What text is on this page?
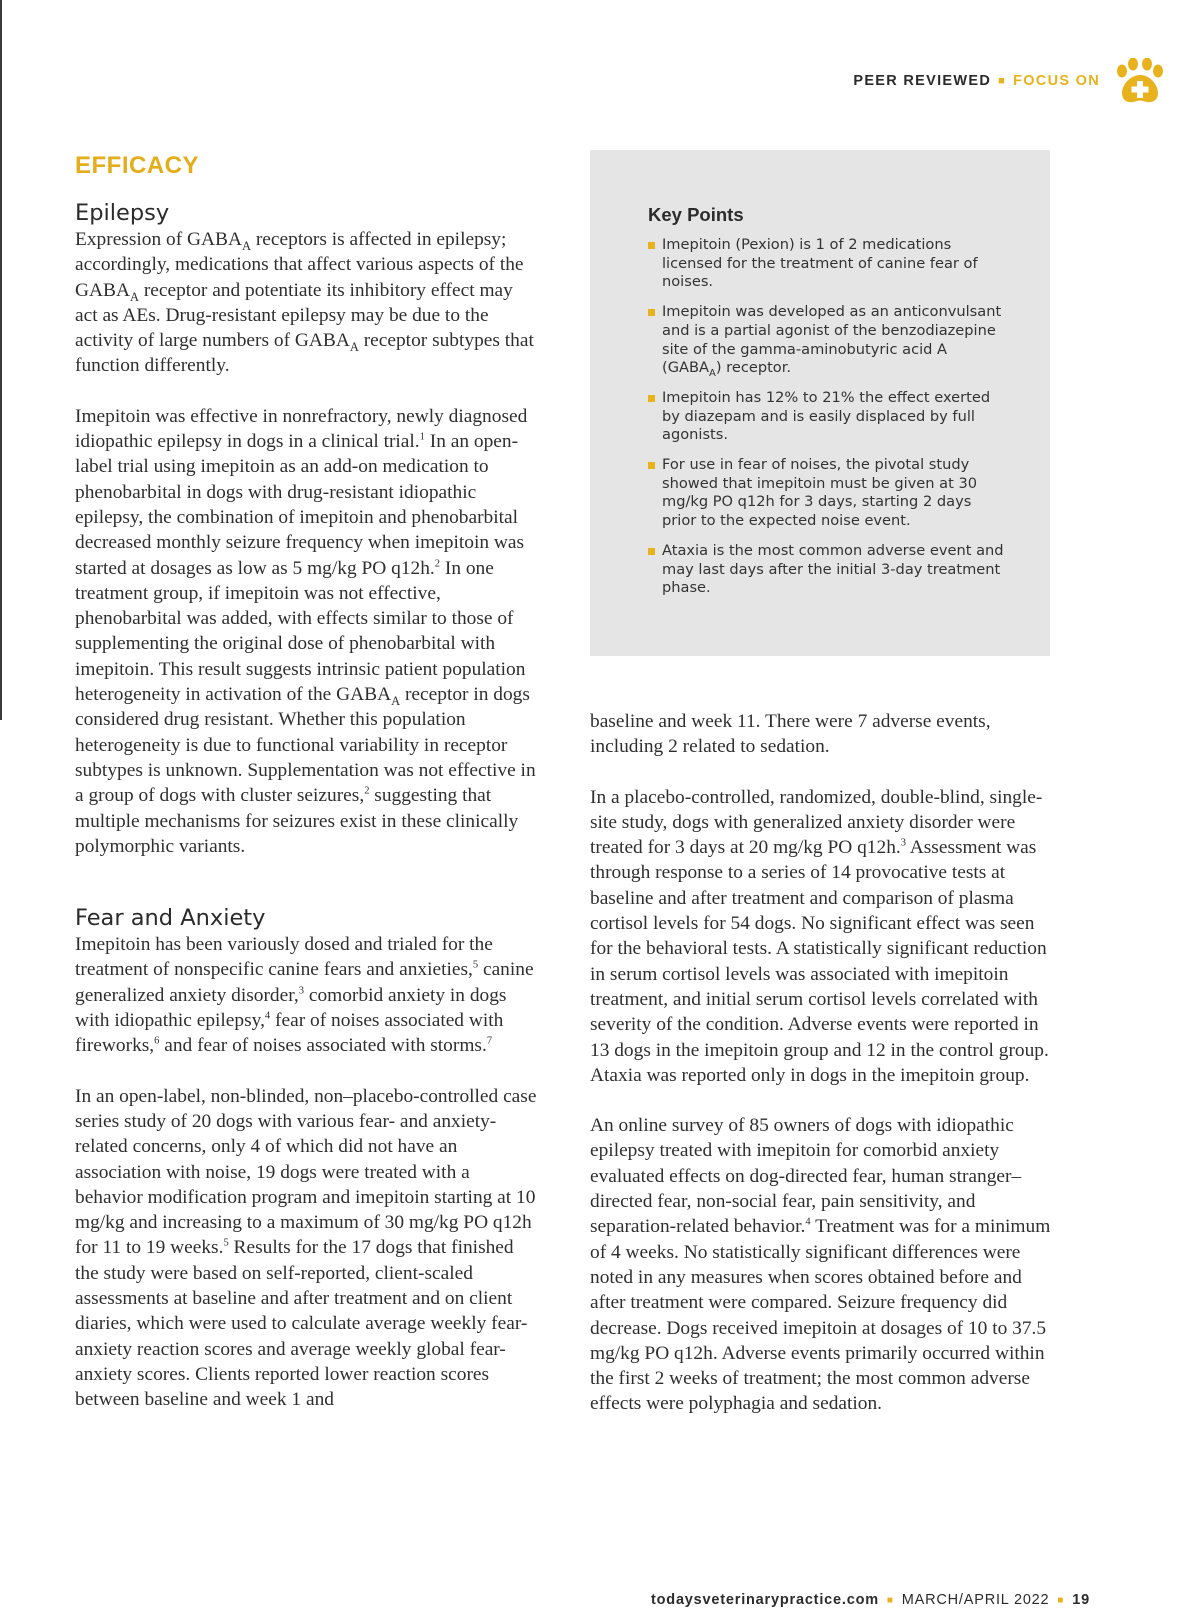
PEER REVIEWED ■ FOCUS ON
EFFICACY
Epilepsy

Expression of $GABA_A$ receptors is affected in epilepsy; accordingly, medications that affect various aspects of the $GABA_A$ receptor and potentiate its inhibitory effect may act as AEs. Drug-resistant epilepsy may be due to the activity of large numbers of $GABA_A$ receptor subtypes that function differently.

Imepitoin was effective in nonrefractory, newly diagnosed idiopathic epilepsy in dogs in a clinical trial.$^1$ In an open-label trial using imepitoin as an add-on medication to phenobarbital in dogs with drug-resistant idiopathic epilepsy, the combination of imepitoin and phenobarbital decreased monthly seizure frequency when imepitoin was started at dosages as low as 5 mg/kg PO q12h.$^2$ In one treatment group, if imepitoin was not effective, phenobarbital was added, with effects similar to those of supplementing the original dose of phenobarbital with imepitoin. This result suggests intrinsic patient population heterogeneity in activation of the $GABA_A$ receptor in dogs considered drug resistant. Whether this population heterogeneity is due to functional variability in receptor subtypes is unknown. Supplementation was not effective in a group of dogs with cluster seizures,$^2$ suggesting that multiple mechanisms for seizures exist in these clinically polymorphic variants.

Fear and Anxiety

Imepitoin has been variously dosed and trialed for the treatment of nonspecific canine fears and anxieties,$^5$ canine generalized anxiety disorder,$^3$ comorbid anxiety in dogs with idiopathic epilepsy,$^4$ fear of noises associated with fireworks,$^6$ and fear of noises associated with storms.$^7$

In an open-label, non-blinded, non–placebo-controlled case series study of 20 dogs with various fear- and anxiety-related concerns, only 4 of which did not have an association with noise, 19 dogs were treated with a behavior modification program and imepitoin starting at 10 mg/kg and increasing to a maximum of 30 mg/kg PO q12h for 11 to 19 weeks.$^5$ Results for the 17 dogs that finished the study were based on self-reported, client-scaled assessments at baseline and after treatment and on client diaries, which were used to calculate average weekly fear-anxiety reaction scores and average weekly global fear-anxiety scores. Clients reported lower reaction scores between baseline and week 1 and

Key Points
Imepitoin (Pexion) is 1 of 2 medications licensed for the treatment of canine fear of noises.
Imepitoin was developed as an anticonvulsant and is a partial agonist of the benzodiazepine site of the gamma-aminobutyric acid A $(GABA_A)$ receptor.
Imepitoin has 12% to 21% the effect exerted by diazepam and is easily displaced by full agonists.
For use in fear of noises, the pivotal study showed that imepitoin must be given at 30 mg/kg PO q12h for 3 days, starting 2 days prior to the expected noise event.
Ataxia is the most common adverse event and may last days after the initial 3-day treatment phase.

baseline and week 11. There were 7 adverse events, including 2 related to sedation.

In a placebo-controlled, randomized, double-blind, single-site study, dogs with generalized anxiety disorder were treated for 3 days at 20 mg/kg PO q12h.$^3$ Assessment was through response to a series of 14 provocative tests at baseline and after treatment and comparison of plasma cortisol levels for 54 dogs. No significant effect was seen for the behavioral tests. A statistically significant reduction in serum cortisol levels was associated with imepitoin treatment, and initial serum cortisol levels correlated with severity of the condition. Adverse events were reported in 13 dogs in the imepitoin group and 12 in the control group. Ataxia was reported only in dogs in the imepitoin group.

An online survey of 85 owners of dogs with idiopathic epilepsy treated with imepitoin for comorbid anxiety evaluated effects on dog-directed fear, human stranger–directed fear, non-social fear, pain sensitivity, and separation-related behavior.$^4$ Treatment was for a minimum of 4 weeks. No statistically significant differences were noted in any measures when scores obtained before and after treatment were compared. Seizure frequency did decrease. Dogs received imepitoin at dosages of 10 to 37.5 mg/kg PO q12h. Adverse events primarily occurred within the first 2 weeks of treatment; the most common adverse effects were polyphagia and sedation.

todaysveterinarypractice.com ■ MARCH/APRIL 2022 ■ 19
